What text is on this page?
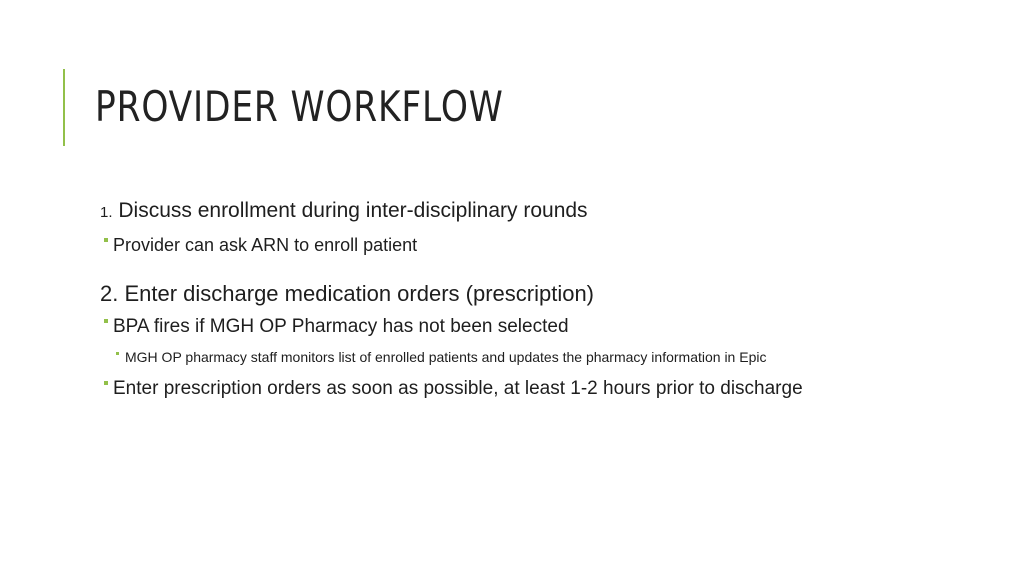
PROVIDER WORKFLOW
1. Discuss enrollment during inter-disciplinary rounds
Provider can ask ARN to enroll patient
2. Enter discharge medication orders (prescription)
BPA fires if MGH OP Pharmacy has not been selected
MGH OP pharmacy staff monitors list of enrolled patients and updates the pharmacy information in Epic
Enter prescription orders as soon as possible, at least 1-2 hours prior to discharge
